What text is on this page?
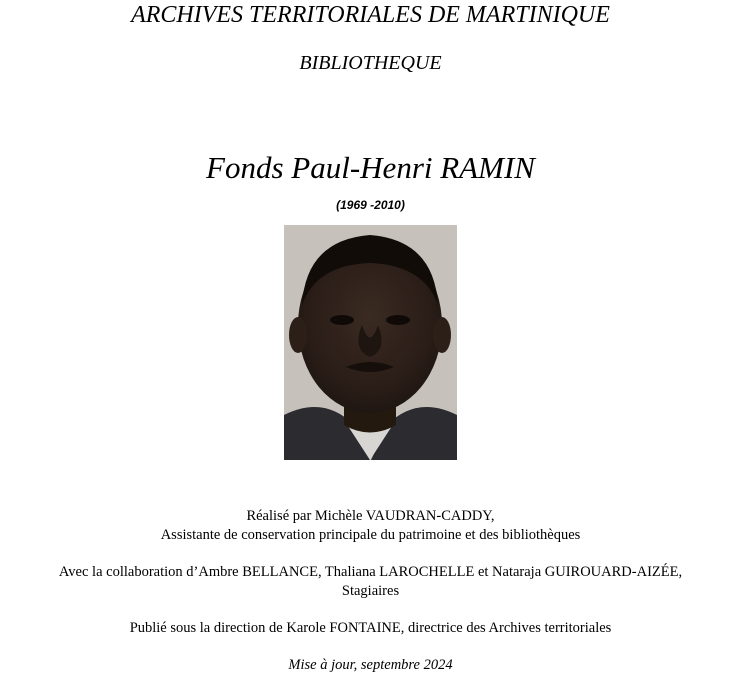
ARCHIVES TERRITORIALES DE MARTINIQUE
BIBLIOTHEQUE
Fonds Paul-Henri RAMIN
(1969 -2010)
Réalisé par Michèle VAUDRAN-CADDY,
Assistante de conservation principale du patrimoine et des bibliothèques
Avec la collaboration d’Ambre BELLANCE, Thaliana LAROCHELLE et Nataraja GUIROUARD-AIZÉE,
Stagiaires
Publié sous la direction de Karole FONTAINE, directrice des Archives territoriales
Mise à jour, septembre 2024
